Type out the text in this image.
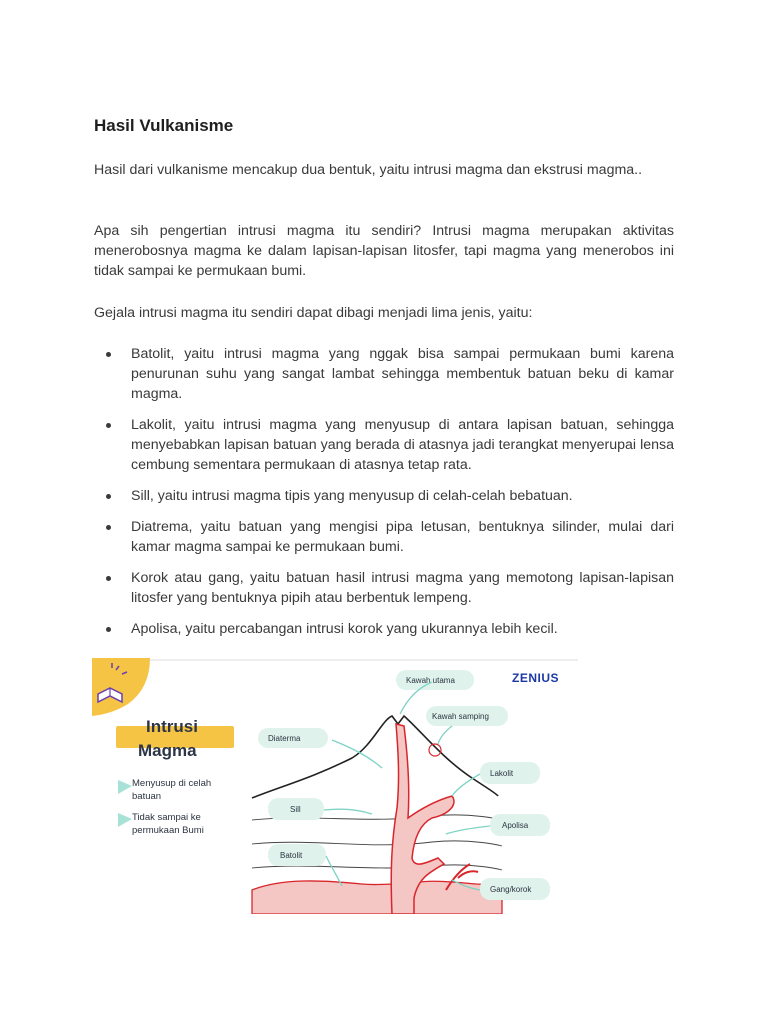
Hasil Vulkanisme

Hasil dari vulkanisme mencakup dua bentuk, yaitu intrusi magma dan ekstrusi magma..

Apa sih pengertian intrusi magma itu sendiri? Intrusi magma merupakan aktivitas menerobosnya magma ke dalam lapisan-lapisan litosfer, tapi magma yang menerobos ini tidak sampai ke permukaan bumi.

Gejala intrusi magma itu sendiri dapat dibagi menjadi lima jenis, yaitu:

Batolit, yaitu intrusi magma yang nggak bisa sampai permukaan bumi karena penurunan suhu yang sangat lambat sehingga membentuk batuan beku di kamar magma.
Lakolit, yaitu intrusi magma yang menyusup di antara lapisan batuan, sehingga menyebabkan lapisan batuan yang berada di atasnya jadi terangkat menyerupai lensa cembung sementara permukaan di atasnya tetap rata.
Sill, yaitu intrusi magma tipis yang menyusup di celah-celah bebatuan.
Diatrema, yaitu batuan yang mengisi pipa letusan, bentuknya silinder, mulai dari kamar magma sampai ke permukaan bumi.
Korok atau gang, yaitu batuan hasil intrusi magma yang memotong lapisan-lapisan litosfer yang bentuknya pipih atau berbentuk lempeng.
Apolisa, yaitu percabangan intrusi korok yang ukurannya lebih kecil.
Intrusi
Magma
Menyusup di celah
batuan
Tidak sampai ke
permukaan Bumi
ZENIUS
Kawah utama
Kawah samping
Diaterma
Lakolit
Sill
Apolisa
Batolit
Gang/korok
